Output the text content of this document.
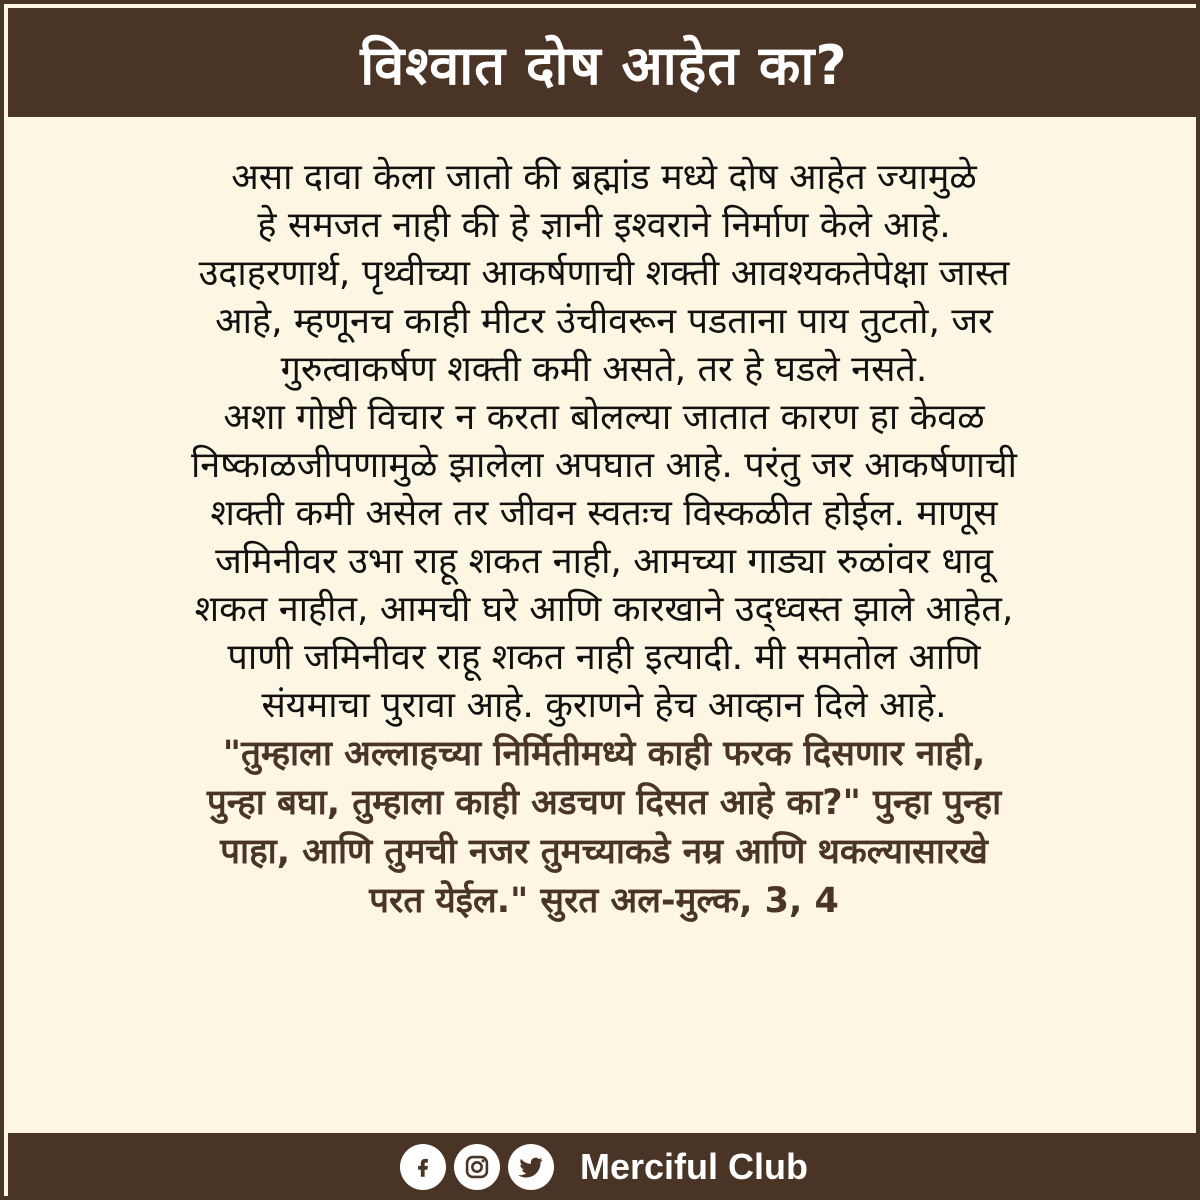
विश्वात दोष आहेत का?
असा दावा केला जातो की ब्रह्मांड मध्ये दोष आहेत ज्यामुळे
हे समजत नाही की हे ज्ञानी इश्वराने निर्माण केले आहे.
उदाहरणार्थ, पृथ्वीच्या आकर्षणाची शक्ती आवश्यकतेपेक्षा जास्त
आहे, म्हणूनच काही मीटर उंचीवरून पडताना पाय तुटतो, जर
गुरुत्वाकर्षण शक्ती कमी असते, तर हे घडले नसते.
अशा गोष्टी विचार न करता बोलल्या जातात कारण हा केवळ
निष्काळजीपणामुळे झालेला अपघात आहे. परंतु जर आकर्षणाची
शक्ती कमी असेल तर जीवन स्वतःच विस्कळीत होईल. माणूस
जमिनीवर उभा राहू शकत नाही, आमच्या गाड्या रुळांवर धावू
शकत नाहीत, आमची घरे आणि कारखाने उद्ध्वस्त झाले आहेत,
पाणी जमिनीवर राहू शकत नाही इत्यादी. मी समतोल आणि
संयमाचा पुरावा आहे. कुराणने हेच आव्हान दिले आहे.
"तुम्हाला अल्लाहच्या निर्मितीमध्ये काही फरक दिसणार नाही,
पुन्हा बघा, तुम्हाला काही अडचण दिसत आहे का?" पुन्हा पुन्हा
पाहा, आणि तुमची नजर तुमच्याकडे नम्र आणि थकल्यासारखे
परत येईल." सुरत अल-मुल्क, 3, 4
Merciful Club
